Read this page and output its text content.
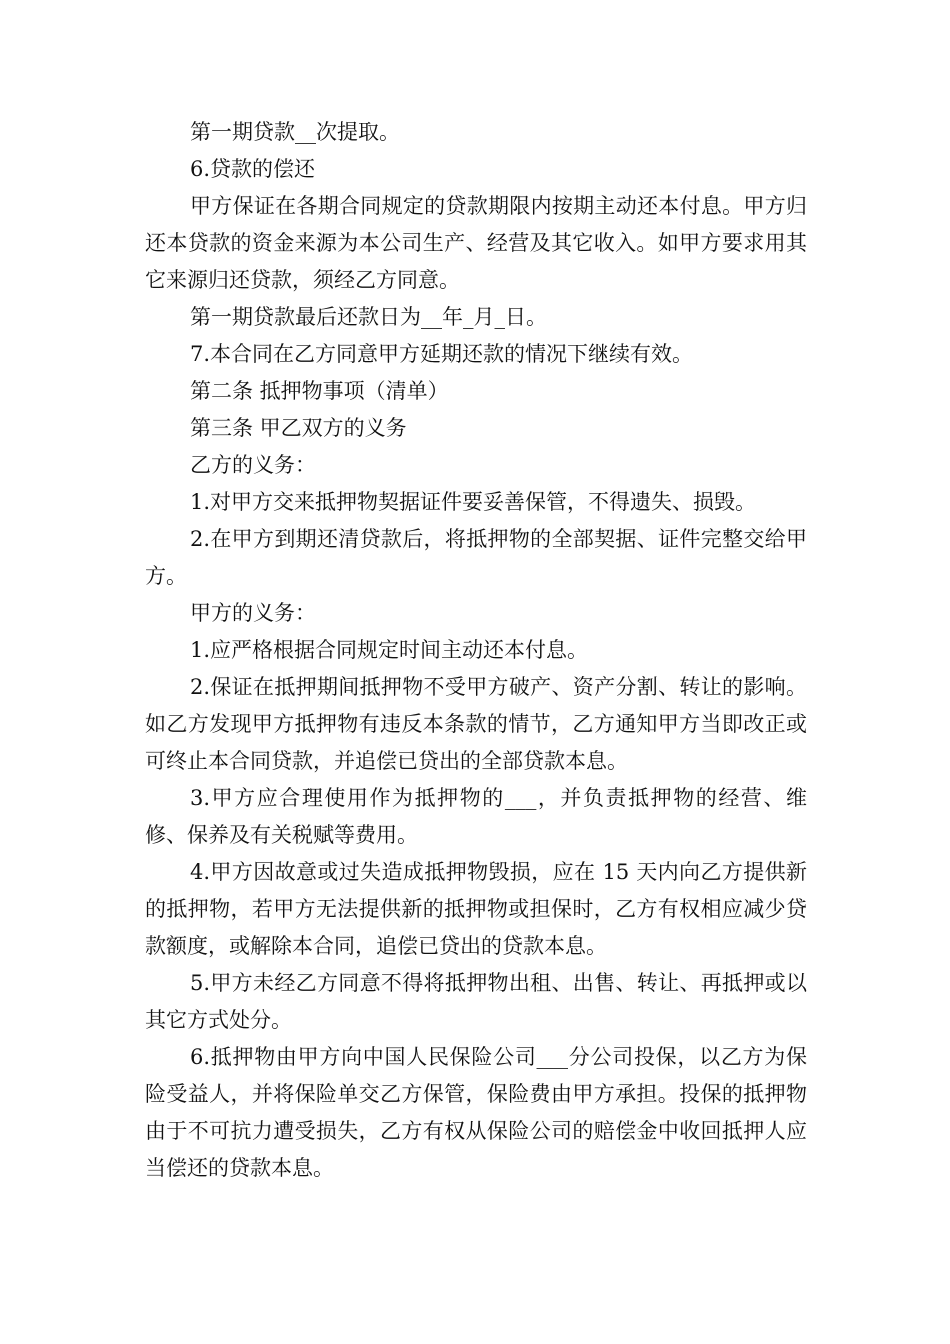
第一期贷款__次提取。

6.贷款的偿还

甲方保证在各期合同规定的贷款期限内按期主动还本付息。甲方归还本贷款的资金来源为本公司生产、经营及其它收入。如甲方要求用其它来源归还贷款，须经乙方同意。

第一期贷款最后还款日为__年_月_日。

7.本合同在乙方同意甲方延期还款的情况下继续有效。

第二条 抵押物事项（清单）

第三条 甲乙双方的义务

乙方的义务：

1.对甲方交来抵押物契据证件要妥善保管，不得遗失、损毁。

2.在甲方到期还清贷款后，将抵押物的全部契据、证件完整交给甲方。

甲方的义务：

1.应严格根据合同规定时间主动还本付息。

2.保证在抵押期间抵押物不受甲方破产、资产分割、转让的影响。如乙方发现甲方抵押物有违反本条款的情节，乙方通知甲方当即改正或可终止本合同贷款，并追偿已贷出的全部贷款本息。

3.甲方应合理使用作为抵押物的___，并负责抵押物的经营、维修、保养及有关税赋等费用。

4.甲方因故意或过失造成抵押物毁损，应在 15 天内向乙方提供新的抵押物，若甲方无法提供新的抵押物或担保时，乙方有权相应减少贷款额度，或解除本合同，追偿已贷出的贷款本息。

5.甲方未经乙方同意不得将抵押物出租、出售、转让、再抵押或以其它方式处分。

6.抵押物由甲方向中国人民保险公司___分公司投保，以乙方为保险受益人，并将保险单交乙方保管，保险费由甲方承担。投保的抵押物由于不可抗力遭受损失，乙方有权从保险公司的赔偿金中收回抵押人应当偿还的贷款本息。
